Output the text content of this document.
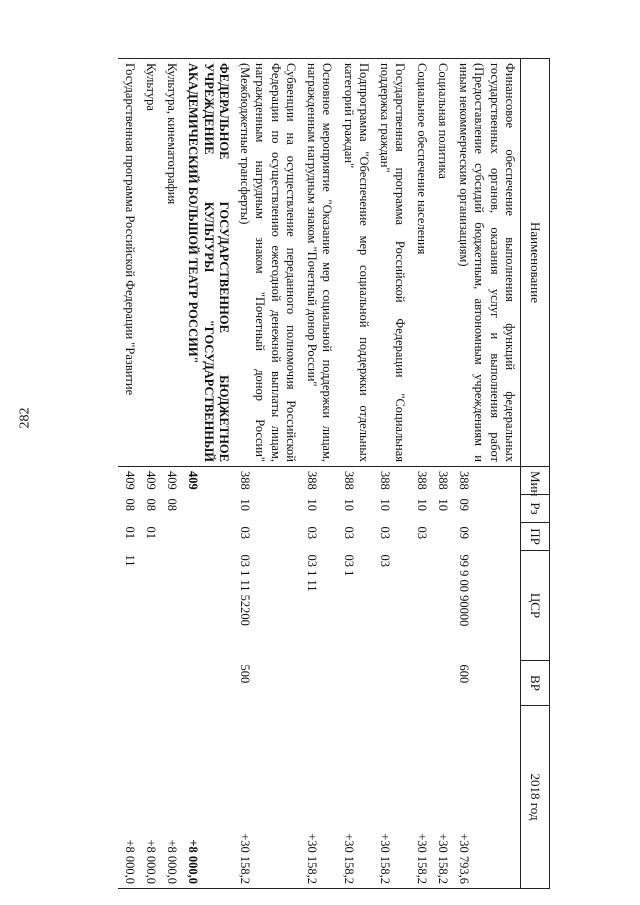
282
Наименование	Мин	Рз	ПР	ЦСР	ВР	2018 год
Финансовое обеспечение выполнения функций федеральных государственных органов, оказания услуг и выполнения работ (Предоставление субсидий бюджетным, автономным учреждениям и иным некоммерческим организациям)	388	09	09	99 9 00 90000	600	+30 793,6
Социальная политика	388	10				+30 158,2
Социальное обеспечение населения	388	10	03			+30 158,2
Государственная программа Российской Федерации "Социальная поддержка граждан"	388	10	03	03		+30 158,2
Подпрограмма "Обеспечение мер социальной поддержки отдельных категорий граждан"	388	10	03	03 1		+30 158,2
Основное мероприятие "Оказание мер социальной поддержки лицам, награжденным нагрудным знаком "Почетный донор России"	388	10	03	03 1 11		+30 158,2
Субвенции на осуществление переданного полномочия Российской Федерации по осуществлению ежегодной денежной выплаты лицам, награжденным нагрудным знаком "Почетный донор России" (Межбюджетные трансферты)	388	10	03	03 1 11 52200	500	+30 158,2
ФЕДЕРАЛЬНОЕ ГОСУДАРСТВЕННОЕ БЮДЖЕТНОЕ УЧРЕЖДЕНИЕ КУЛЬТУРЫ "ГОСУДАРСТВЕННЫЙ АКАДЕМИЧЕСКИЙ БОЛЬШОЙ ТЕАТР РОССИИ"	409					+8 000,0
Культура, кинематография	409	08				+8 000,0
Культура	409	08	01			+8 000,0
Государственная программа Российской Федерации "Развитие	409	08	01	11		+8 000,0
